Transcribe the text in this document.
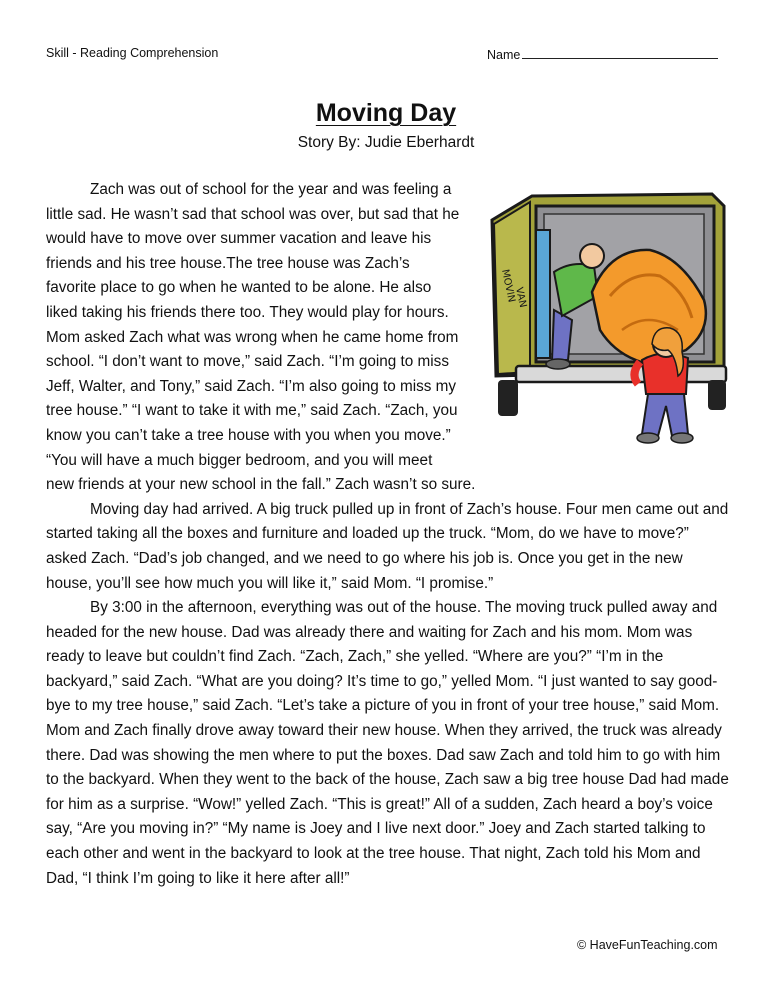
Skill - Reading Comprehension	Name
Moving Day
Story By: Judie Eberhardt
MOVIN
VAN

Zach was out of school for the year and was feeling a little sad. He wasn’t sad that school was over, but sad that he would have to move over summer vacation and leave his friends and his tree house.The tree house was Zach’s favorite place to go when he wanted to be alone. He also liked taking his friends there too. They would play for hours. Mom asked Zach what was wrong when he came home from school. “I don’t want to move,” said Zach. “I’m going to miss Jeff, Walter, and Tony,” said Zach. “I’m also going to miss my tree house.” “I want to take it with me,” said Zach. “Zach, you know you can’t take a tree house with you when you move.” “You will have a much bigger bedroom, and you will meet new friends at your new school in the fall.” Zach wasn’t so sure.

Moving day had arrived. A big truck pulled up in front of Zach’s house. Four men came out and started taking all the boxes and furniture and loaded up the truck. “Mom, do we have to move?” asked Zach. “Dad’s job changed, and we need to go where his job is. Once you get in the new house, you’ll see how much you will like it,” said Mom. “I promise.”

By 3:00 in the afternoon, everything was out of the house. The moving truck pulled away and headed for the new house. Dad was already there and waiting for Zach and his mom. Mom was ready to leave but couldn’t find Zach. “Zach, Zach,” she yelled. “Where are you?” “I’m in the backyard,” said Zach. “What are you doing? It’s time to go,” yelled Mom. “I just wanted to say good-bye to my tree house,” said Zach. “Let’s take a picture of you in front of your tree house,” said Mom. Mom and Zach finally drove away toward their new house. When they arrived, the truck was already there. Dad was showing the men where to put the boxes. Dad saw Zach and told him to go with him to the backyard. When they went to the back of the house, Zach saw a big tree house Dad had made for him as a surprise. “Wow!” yelled Zach. “This is great!” All of a sudden, Zach heard a boy’s voice say, “Are you moving in?” “My name is Joey and I live next door.” Joey and Zach started talking to each other and went in the backyard to look at the tree house. That night, Zach told his Mom and Dad, “I think I’m going to like it here after all!”

© HaveFunTeaching.com
